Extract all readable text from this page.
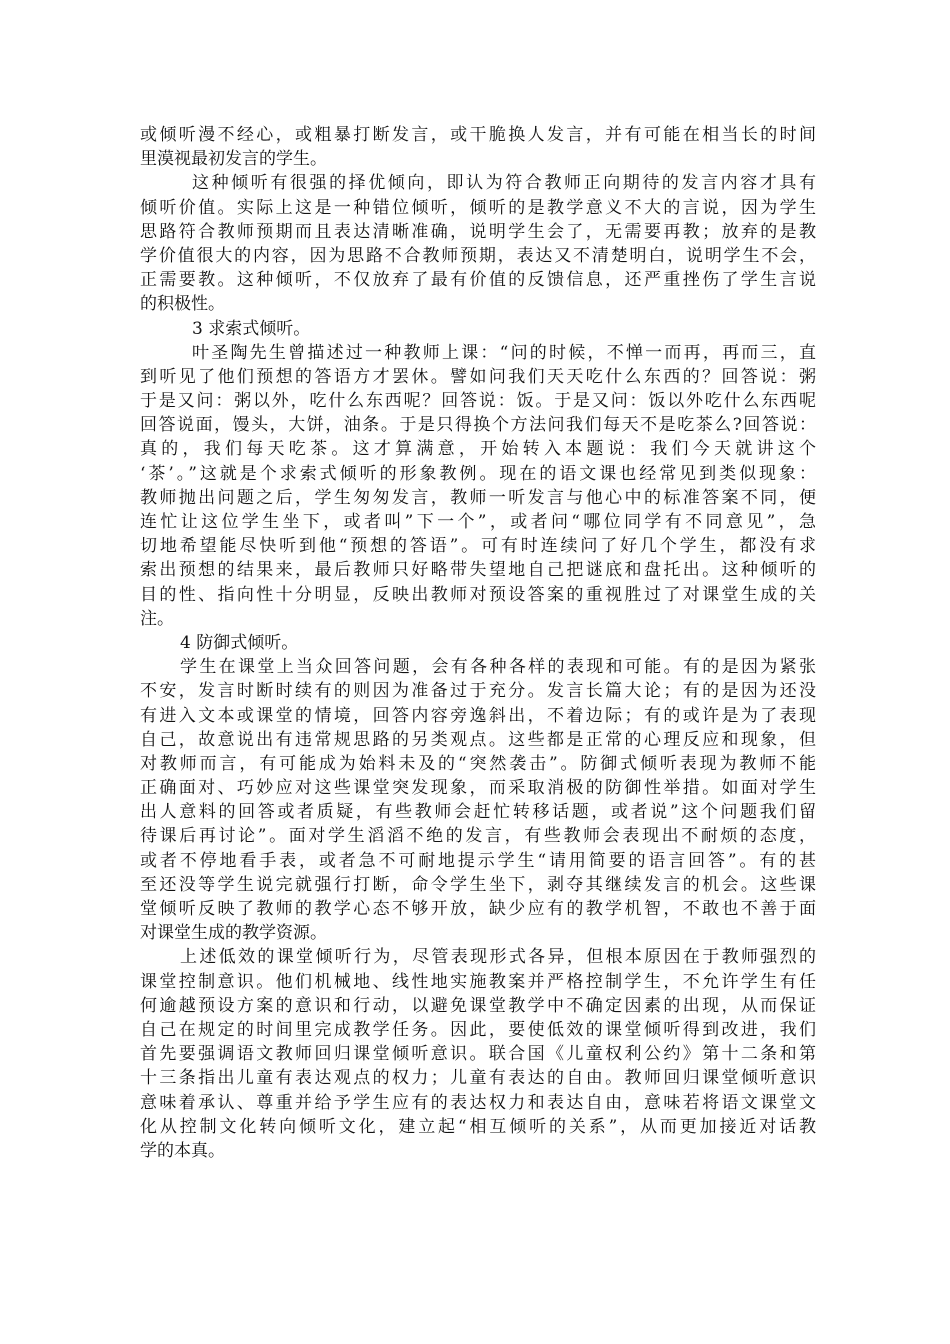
或倾听漫不经心，或粗暴打断发言，或干脆换人发言，并有可能在相当长的时间
里漠视最初发言的学生。
这种倾听有很强的择优倾向，即认为符合教师正向期待的发言内容才具有
倾听价值。实际上这是一种错位倾听，倾听的是教学意义不大的言说，因为学生
思路符合教师预期而且表达清晰准确，说明学生会了，无需要再教；放弃的是教
学价值很大的内容，因为思路不合教师预期，表达又不清楚明白，说明学生不会，
正需要教。这种倾听，不仅放弃了最有价值的反馈信息，还严重挫伤了学生言说
的积极性。
3 求索式倾听。
叶圣陶先生曾描述过一种教师上课：“问的时候，不惮一而再，再而三，直
到听见了他们预想的答语方才罢休。譬如问我们天天吃什么东西的？回答说：粥
于是又问：粥以外，吃什么东西呢？回答说：饭。于是又问：饭以外吃什么东西呢
回答说面，馒头，大饼，油条。于是只得换个方法问我们每天不是吃茶么?回答说：
真的，我们每天吃茶。这才算满意，开始转入本题说：我们今天就讲这个
‘茶’。”这就是个求索式倾听的形象教例。现在的语文课也经常见到类似现象：
教师抛出问题之后，学生匆匆发言，教师一听发言与他心中的标准答案不同，便
连忙让这位学生坐下，或者叫”下一个”，或者问“哪位同学有不同意见”，急
切地希望能尽快听到他“预想的答语”。可有时连续问了好几个学生，都没有求
索出预想的结果来，最后教师只好略带失望地自己把谜底和盘托出。这种倾听的
目的性、指向性十分明显，反映出教师对预设答案的重视胜过了对课堂生成的关
注。
4 防御式倾听。
学生在课堂上当众回答问题，会有各种各样的表现和可能。有的是因为紧张
不安，发言时断时续有的则因为准备过于充分。发言长篇大论；有的是因为还没
有进入文本或课堂的情境，回答内容旁逸斜出，不着边际；有的或许是为了表现
自己，故意说出有违常规思路的另类观点。这些都是正常的心理反应和现象，但
对教师而言，有可能成为始料未及的“突然袭击”。防御式倾听表现为教师不能
正确面对、巧妙应对这些课堂突发现象，而采取消极的防御性举措。如面对学生
出人意料的回答或者质疑，有些教师会赶忙转移话题，或者说”这个问题我们留
待课后再讨论”。面对学生滔滔不绝的发言，有些教师会表现出不耐烦的态度，
或者不停地看手表，或者急不可耐地提示学生“请用简要的语言回答”。有的甚
至还没等学生说完就强行打断，命令学生坐下，剥夺其继续发言的机会。这些课
堂倾听反映了教师的教学心态不够开放，缺少应有的教学机智，不敢也不善于面
对课堂生成的教学资源。
上述低效的课堂倾听行为，尽管表现形式各异，但根本原因在于教师强烈的
课堂控制意识。他们机械地、线性地实施教案并严格控制学生，不允许学生有任
何逾越预设方案的意识和行动，以避免课堂教学中不确定因素的出现，从而保证
自己在规定的时间里完成教学任务。因此，要使低效的课堂倾听得到改进，我们
首先要强调语文教师回归课堂倾听意识。联合国《儿童权利公约》第十二条和第
十三条指出儿童有表达观点的权力；儿童有表达的自由。教师回归课堂倾听意识
意味着承认、尊重并给予学生应有的表达权力和表达自由，意味若将语文课堂文
化从控制文化转向倾听文化，建立起“相互倾听的关系”，从而更加接近对话教
学的本真。
